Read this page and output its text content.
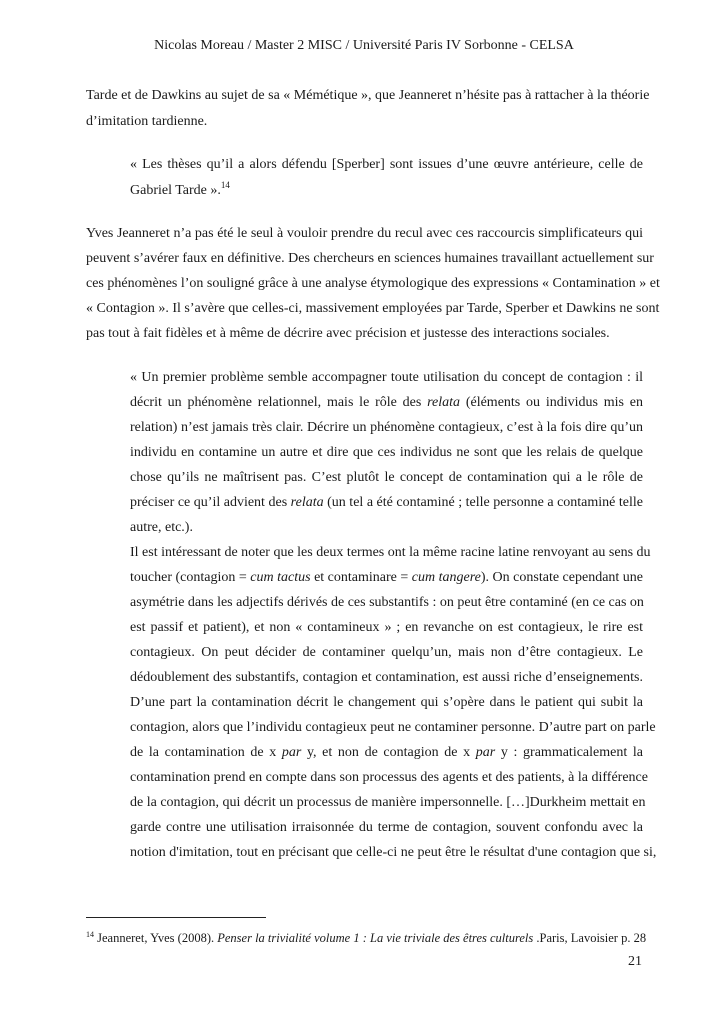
Nicolas Moreau / Master 2 MISC / Université Paris IV Sorbonne - CELSA
Tarde et de Dawkins au sujet de sa « Mémétique », que Jeanneret n’hésite pas à rattacher à la théorie
d’imitation tardienne.
« Les thèses qu’il a alors défendu [Sperber] sont issues d’une œuvre antérieure, celle de
Gabriel Tarde ».$^{14}$
Yves Jeanneret n’a pas été le seul à vouloir prendre du recul avec ces raccourcis simplificateurs qui
peuvent s’avérer faux en définitive. Des chercheurs en sciences humaines travaillant actuellement sur
ces phénomènes l’on souligné grâce à une analyse étymologique des expressions « Contamination » et
« Contagion ». Il s’avère que celles-ci, massivement employées par Tarde, Sperber et Dawkins ne sont
pas tout à fait fidèles et à même de décrire avec précision et justesse des interactions sociales.
« Un premier problème semble accompagner toute utilisation du concept de contagion : il
décrit un phénomène relationnel, mais le rôle des relata (éléments ou individus mis en
relation) n’est jamais très clair. Décrire un phénomène contagieux, c’est à la fois dire qu’un
individu en contamine un autre et dire que ces individus ne sont que les relais de quelque
chose qu’ils ne maîtrisent pas. C’est plutôt le concept de contamination qui a le rôle de
préciser ce qu’il advient des relata (un tel a été contaminé ; telle personne a contaminé telle
autre, etc.).
Il est intéressant de noter que les deux termes ont la même racine latine renvoyant au sens du
toucher (contagion = cum tactus et contaminare = cum tangere). On constate cependant une
asymétrie dans les adjectifs dérivés de ces substantifs : on peut être contaminé (en ce cas on
est passif et patient), et non « contamineux » ; en revanche on est contagieux, le rire est
contagieux. On peut décider de contaminer quelqu’un, mais non d’être contagieux. Le
dédoublement des substantifs, contagion et contamination, est aussi riche d’enseignements.
D’une part la contamination décrit le changement qui s’opère dans le patient qui subit la
contagion, alors que l’individu contagieux peut ne contaminer personne. D’autre part on parle
de la contamination de x par y, et non de contagion de x par y : grammaticalement la
contamination prend en compte dans son processus des agents et des patients, à la différence
de la contagion, qui décrit un processus de manière impersonnelle. […]Durkheim mettait en
garde contre une utilisation irraisonnée du terme de contagion, souvent confondu avec la
notion d'imitation, tout en précisant que celle-ci ne peut être le résultat d'une contagion que si,
$^{14}$ Jeanneret, Yves (2008). Penser la trivialité volume 1 : La vie triviale des êtres culturels .Paris, Lavoisier p. 28
21
